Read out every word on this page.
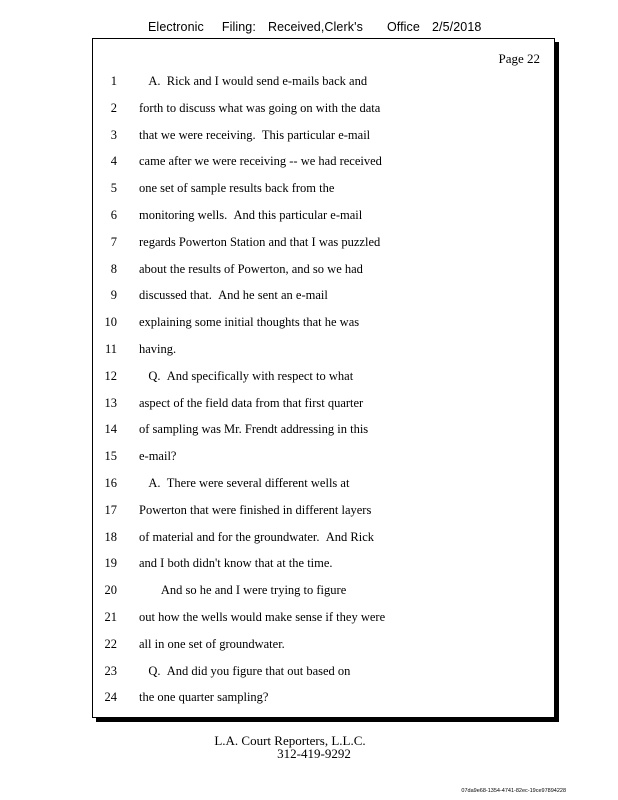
Electronic Filing: Received,Clerk's Office 2/5/2018
Page 22
1 A.  Rick and I would send e-mails back and
2 forth to discuss what was going on with the data
3 that we were receiving.  This particular e-mail
4 came after we were receiving -- we had received
5 one set of sample results back from the
6 monitoring wells.  And this particular e-mail
7 regards Powerton Station and that I was puzzled
8 about the results of Powerton, and so we had
9 discussed that.  And he sent an e-mail
10 explaining some initial thoughts that he was
11 having.
12 Q.  And specifically with respect to what
13 aspect of the field data from that first quarter
14 of sampling was Mr. Frendt addressing in this
15 e-mail?
16 A.  There were several different wells at
17 Powerton that were finished in different layers
18 of material and for the groundwater.  And Rick
19 and I both didn't know that at the time.
20 And so he and I were trying to figure
21 out how the wells would make sense if they were
22 all in one set of groundwater.
23 Q.  And did you figure that out based on
24 the one quarter sampling?
L.A. Court Reporters, L.L.C.
312-419-9292
07da9e68-1354-4741-82ec-19ce97894228
